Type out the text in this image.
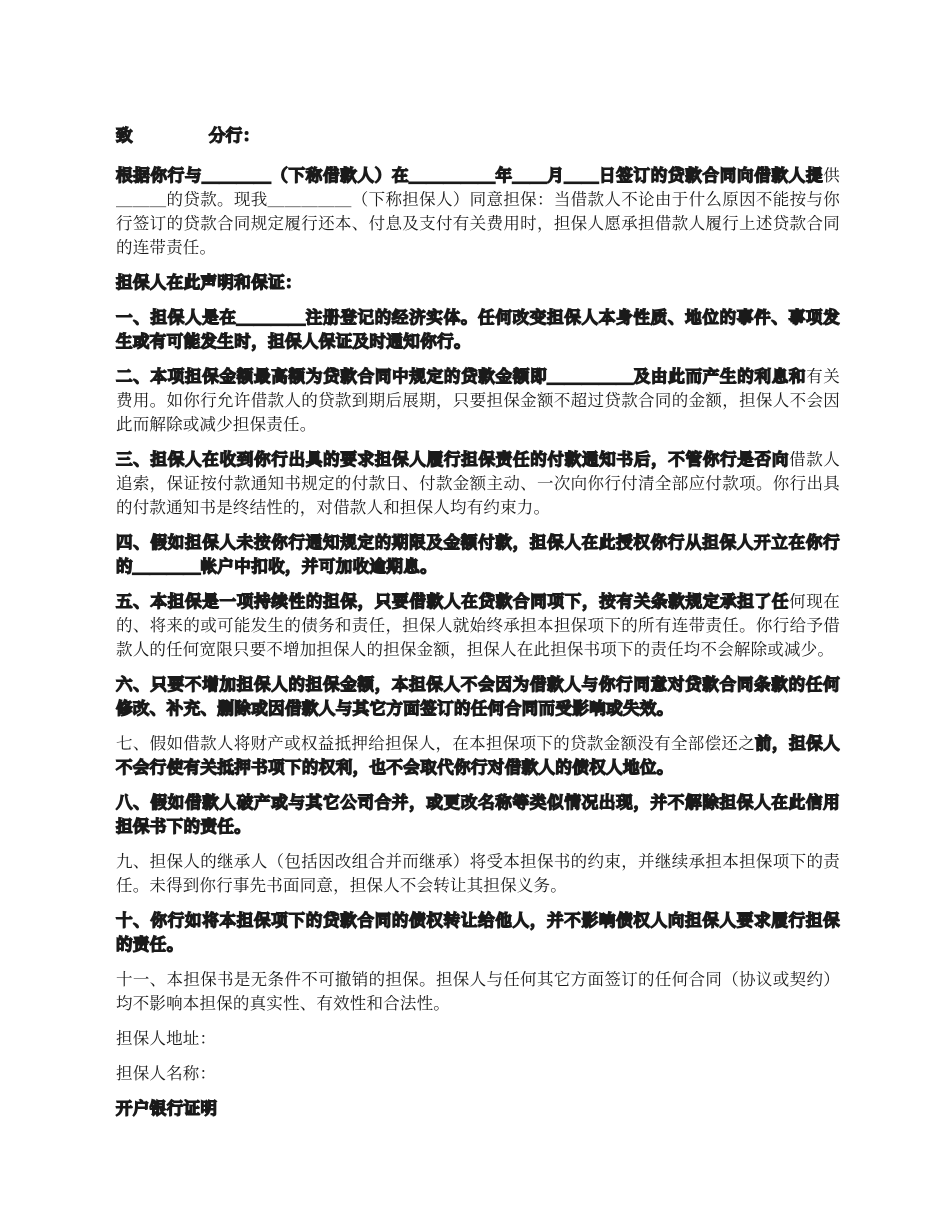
致	分行：

根据你行与＿＿＿＿（下称借款人）在＿＿＿＿＿年＿＿月＿＿日签订的贷款合同向借款人提供＿＿＿的贷款。现我＿＿＿＿＿（下称担保人）同意担保：当借款人不论由于什么原因不能按与你行签订的贷款合同规定履行还本、付息及支付有关费用时，担保人愿承担借款人履行上述贷款合同的连带责任。

担保人在此声明和保证：

一、担保人是在＿＿＿＿注册登记的经济实体。任何改变担保人本身性质、地位的事件、事项发生或有可能发生时，担保人保证及时通知你行。

二、本项担保金额最高额为贷款合同中规定的贷款金额即＿＿＿＿＿及由此而产生的利息和有关费用。如你行允许借款人的贷款到期后展期，只要担保金额不超过贷款合同的金额，担保人不会因此而解除或减少担保责任。

三、担保人在收到你行出具的要求担保人履行担保责任的付款通知书后，不管你行是否向借款人追索，保证按付款通知书规定的付款日、付款金额主动、一次向你行付清全部应付款项。你行出具的付款通知书是终结性的，对借款人和担保人均有约束力。

四、假如担保人未按你行通知规定的期限及金额付款，担保人在此授权你行从担保人开立在你行的＿＿＿＿帐户中扣收，并可加收逾期息。

五、本担保是一项持续性的担保，只要借款人在贷款合同项下，按有关条款规定承担了任何现在的、将来的或可能发生的债务和责任，担保人就始终承担本担保项下的所有连带责任。你行给予借款人的任何宽限只要不增加担保人的担保金额，担保人在此担保书项下的责任均不会解除或减少。

六、只要不增加担保人的担保金额，本担保人不会因为借款人与你行同意对贷款合同条款的任何修改、补充、删除或因借款人与其它方面签订的任何合同而受影响或失效。

七、假如借款人将财产或权益抵押给担保人，在本担保项下的贷款金额没有全部偿还之前，担保人不会行使有关抵押书项下的权利，也不会取代你行对借款人的债权人地位。

八、假如借款人破产或与其它公司合并，或更改名称等类似情况出现，并不解除担保人在此信用担保书下的责任。

九、担保人的继承人（包括因改组合并而继承）将受本担保书的约束，并继续承担本担保项下的责任。未得到你行事先书面同意，担保人不会转让其担保义务。

十、你行如将本担保项下的贷款合同的债权转让给他人，并不影响债权人向担保人要求履行担保的责任。

十一、本担保书是无条件不可撤销的担保。担保人与任何其它方面签订的任何合同（协议或契约）均不影响本担保的真实性、有效性和合法性。

担保人地址：

担保人名称：

开户银行证明
